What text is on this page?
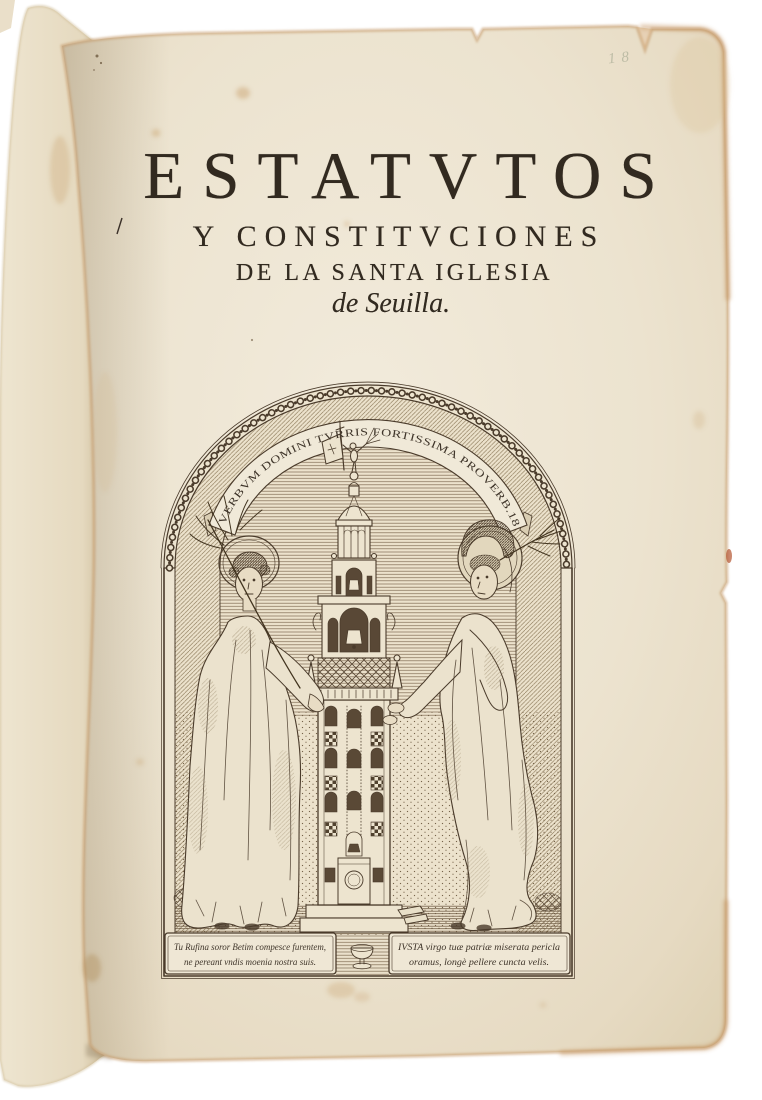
VERBVM DOMINI TVRRIS FORTISSIMA PROVERB.18
Tu Rufina soror Betim compesce furentem,
ne pereant vndis moenia nostra suis.
IVSTA virgo tuæ patriæ miserata pericla
oramus, longè pellere cuncta velis.
ESTATVTOS
Y CONSTITVCIONES
DE LA SANTA IGLESIA
de Seuilla.
18
